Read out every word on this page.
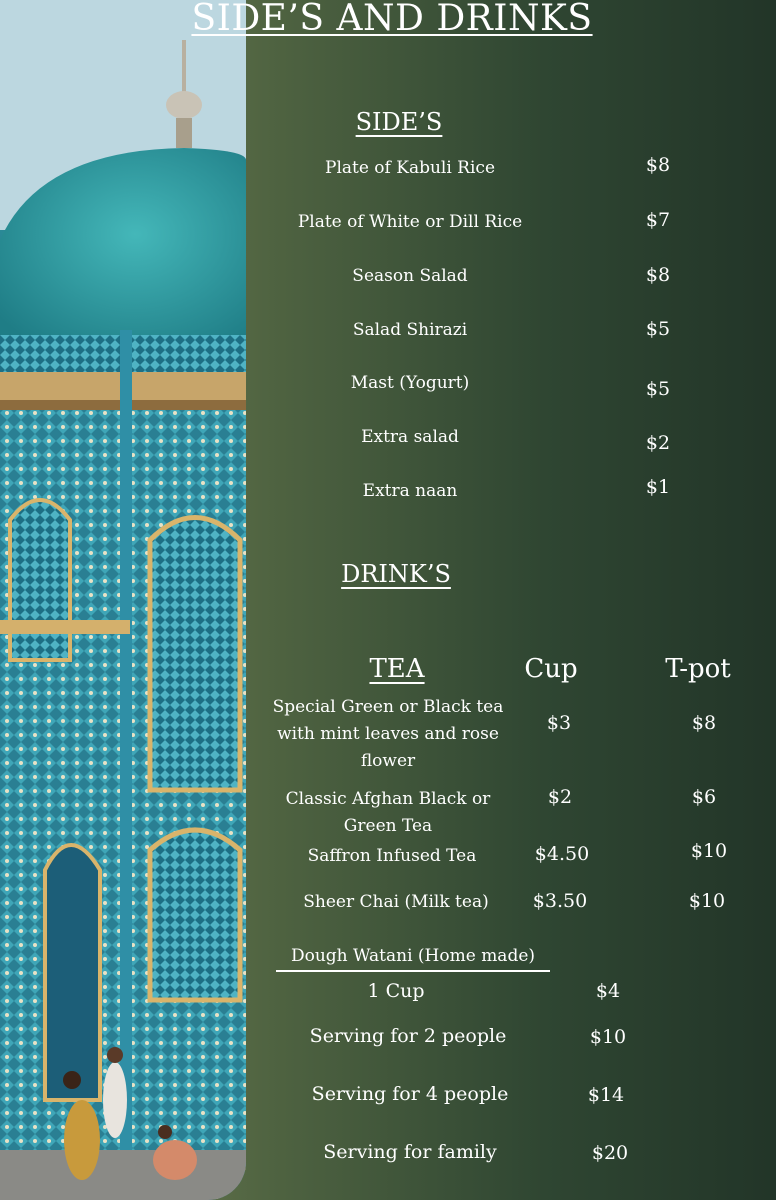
SIDE’S AND DRINKS
SIDE’S
Plate of Kabuli Rice	$8
Plate of White or Dill Rice	$7
Season Salad	$8
Salad Shirazi	$5
Mast (Yogurt)	$5
Extra salad	$2
Extra naan	$1
DRINK’S
TEA	Cup	T-pot
Special Green or Black tea with mint leaves and rose flower
$3	$8
Classic Afghan Black or Green Tea
$2	$6
Saffron Infused Tea	$4.50	$10
Sheer Chai (Milk tea) $3.50	$10
Dough Watani (Home made)
1 Cup	$4
Serving for 2 people	$10
Serving for 4 people	$14
Serving for family	$20
